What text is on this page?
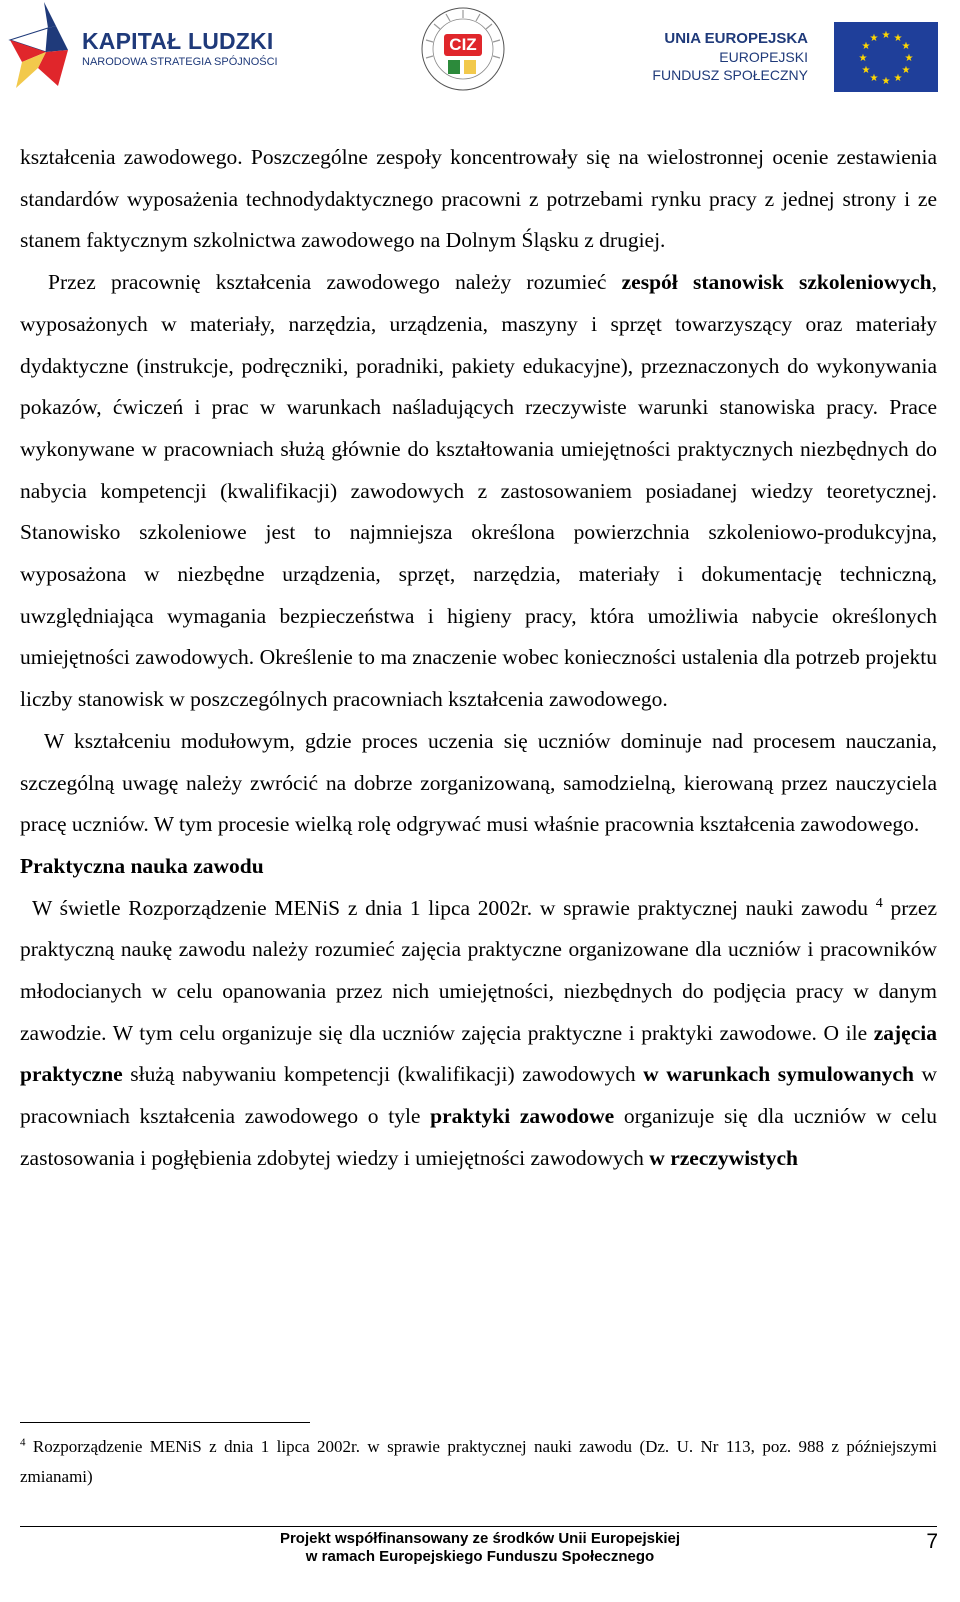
KAPITAŁ LUDZKI
NARODOWA STRATEGIA SPÓJNOŚCI
CIZ	UNIA EUROPEJSKA
EUROPEJSKI
FUNDUSZ SPOŁECZNY
★ ★
★
★
★
★
★
★
★
★
★
★

kształcenia zawodowego. Poszczególne zespoły koncentrowały się na wielostronnej ocenie zestawienia standardów wyposażenia technodydaktycznego pracowni z potrzebami rynku pracy z jednej strony i ze stanem faktycznym szkolnictwa zawodowego na Dolnym Śląsku z drugiej.

Przez pracownię kształcenia zawodowego należy rozumieć zespół stanowisk szkoleniowych, wyposażonych w materiały, narzędzia, urządzenia, maszyny i sprzęt towarzyszący oraz materiały dydaktyczne (instrukcje, podręczniki, poradniki, pakiety edukacyjne), przeznaczonych do wykonywania pokazów, ćwiczeń i prac w warunkach naśladujących rzeczywiste warunki stanowiska pracy. Prace wykonywane w pracowniach służą głównie do kształtowania umiejętności praktycznych niezbędnych do nabycia kompetencji (kwalifikacji) zawodowych z zastosowaniem posiadanej wiedzy teoretycznej. Stanowisko szkoleniowe jest to najmniejsza określona powierzchnia szkoleniowo-produkcyjna, wyposażona w niezbędne urządzenia, sprzęt, narzędzia, materiały i dokumentację techniczną, uwzględniająca wymagania bezpieczeństwa i higieny pracy, która umożliwia nabycie określonych umiejętności zawodowych. Określenie to ma znaczenie wobec konieczności ustalenia dla potrzeb projektu liczby stanowisk w poszczególnych pracowniach kształcenia zawodowego.

W kształceniu modułowym, gdzie proces uczenia się uczniów dominuje nad procesem nauczania, szczególną uwagę należy zwrócić na dobrze zorganizowaną, samodzielną, kierowaną przez nauczyciela pracę uczniów. W tym procesie wielką rolę odgrywać musi właśnie pracownia kształcenia zawodowego.

Praktyczna nauka zawodu

W świetle Rozporządzenie MENiS z dnia 1 lipca 2002r. w sprawie praktycznej nauki zawodu $^4$ przez praktyczną naukę zawodu należy rozumieć zajęcia praktyczne organizowane dla uczniów i pracowników młodocianych w celu opanowania przez nich umiejętności, niezbędnych do podjęcia pracy w danym zawodzie. W tym celu organizuje się dla uczniów zajęcia praktyczne i praktyki zawodowe. O ile zajęcia praktyczne służą nabywaniu kompetencji (kwalifikacji) zawodowych w warunkach symulowanych w pracowniach kształcenia zawodowego o tyle praktyki zawodowe organizuje się dla uczniów w celu zastosowania i pogłębienia zdobytej wiedzy i umiejętności zawodowych w rzeczywistych

$^4$ Rozporządzenie MENiS z dnia 1 lipca 2002r. w sprawie praktycznej nauki zawodu (Dz. U. Nr 113, poz. 988 z późniejszymi zmianami)
Projekt współfinansowany ze środków Unii Europejskiej
w ramach Europejskiego Funduszu Społecznego
7
